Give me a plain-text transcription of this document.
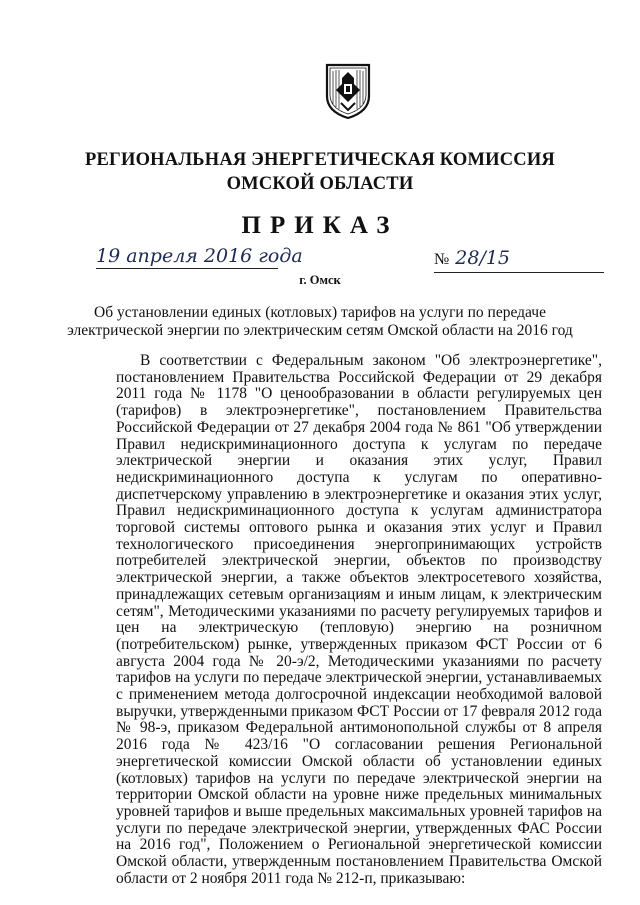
РЕГИОНАЛЬНАЯ ЭНЕРГЕТИЧЕСКАЯ КОМИССИЯ
ОМСКОЙ ОБЛАСТИ
ПРИКАЗ
19 апреля 2016 года	№ 28/15
г. Омск
Об установлении единых (котловых) тарифов на услуги по передаче электрической энергии по электрическим сетям Омской области на 2016 год

В соответствии с Федеральным законом "Об электроэнергетике", постановлением Правительства Российской Федерации от 29 декабря 2011 года № 1178 "О ценообразовании в области регулируемых цен (тарифов) в электроэнергетике", постановлением Правительства Российской Федерации от 27 декабря 2004 года № 861 "Об утверждении Правил недискриминационного доступа к услугам по передаче электрической энергии и оказания этих услуг, Правил недискриминационного доступа к услугам по оперативно-диспетчерскому управлению в электроэнергетике и оказания этих услуг, Правил недискриминационного доступа к услугам администратора торговой системы оптового рынка и оказания этих услуг и Правил технологического присоединения энергопринимающих устройств потребителей электрической энергии, объектов по производству электрической энергии, а также объектов электросетевого хозяйства, принадлежащих сетевым организациям и иным лицам, к электрическим сетям", Методическими указаниями по расчету регулируемых тарифов и цен на электрическую (тепловую) энергию на розничном (потребительском) рынке, утвержденных приказом ФСТ России от 6 августа 2004 года № 20-э/2, Методическими указаниями по расчету тарифов на услуги по передаче электрической энергии, устанавливаемых с применением метода долгосрочной индексации необходимой валовой выручки, утвержденными приказом ФСТ России от 17 февраля 2012 года № 98-э, приказом Федеральной антимонопольной службы от 8 апреля 2016 года № 423/16 "О согласовании решения Региональной энергетической комиссии Омской области об установлении единых (котловых) тарифов на услуги по передаче электрической энергии на территории Омской области на уровне ниже предельных минимальных уровней тарифов и выше предельных максимальных уровней тарифов на услуги по передаче электрической энергии, утвержденных ФАС России на 2016 год", Положением о Региональной энергетической комиссии Омской области, утвержденным постановлением Правительства Омской области от 2 ноября 2011 года № 212-п, приказываю:
